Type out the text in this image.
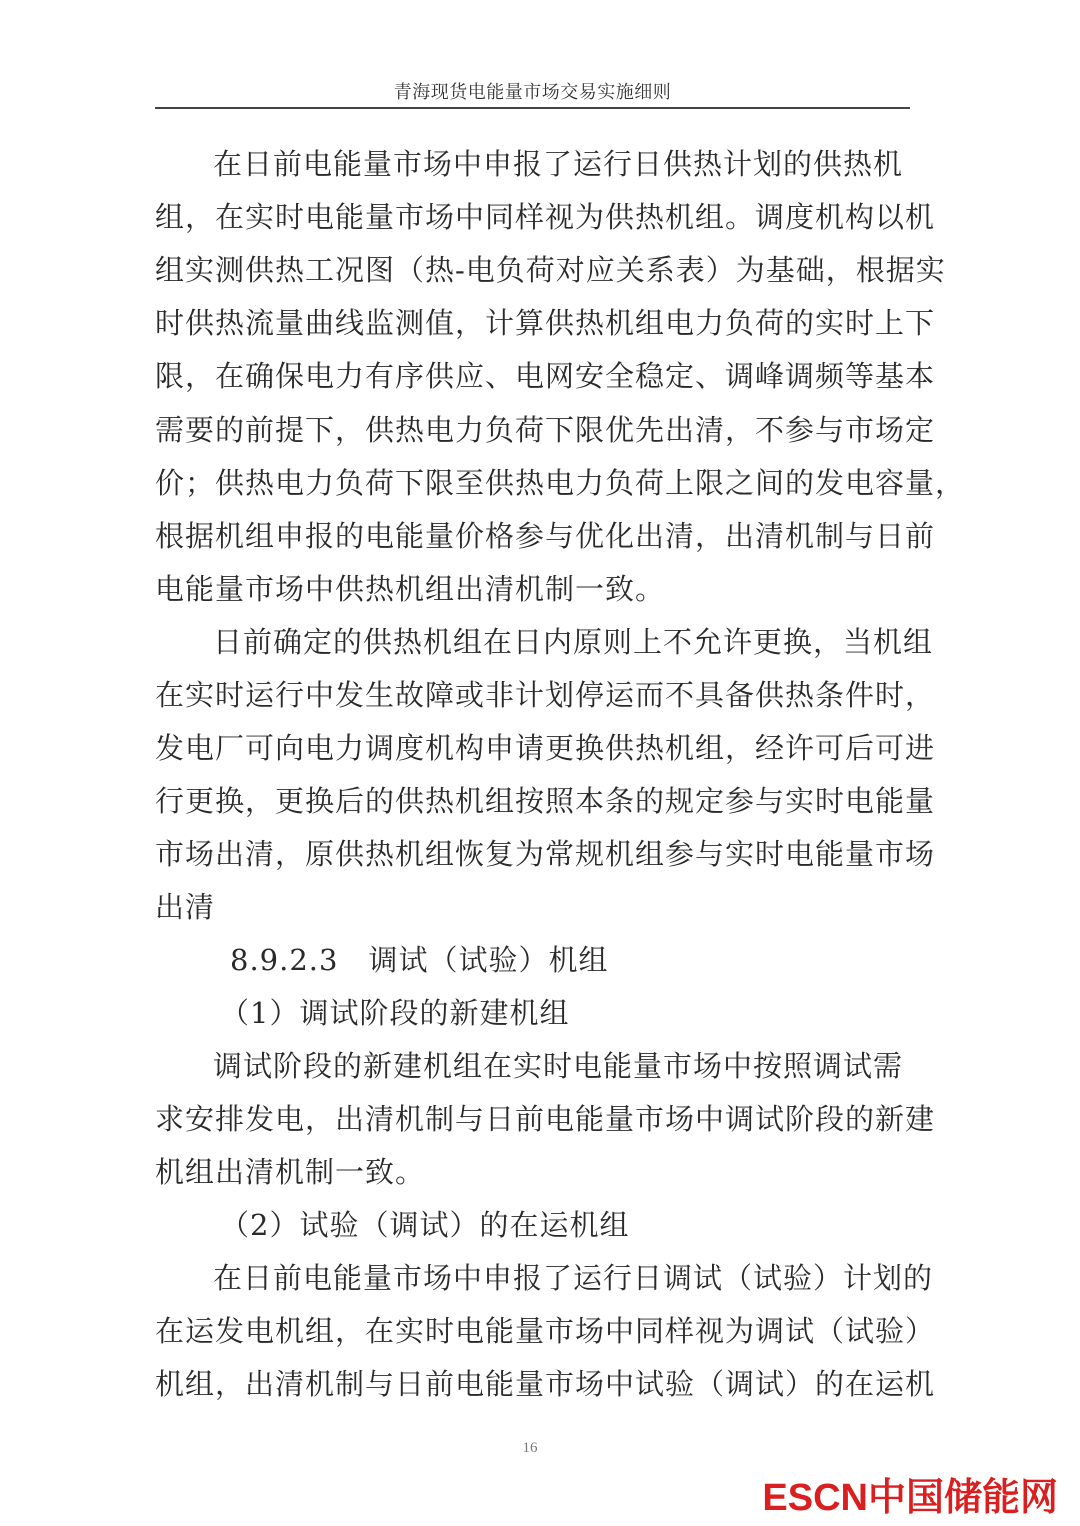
青海现货电能量市场交易实施细则
在日前电能量市场中申报了运行日供热计划的供热机
组，在实时电能量市场中同样视为供热机组。调度机构以机
组实测供热工况图（热-电负荷对应关系表）为基础，根据实
时供热流量曲线监测值，计算供热机组电力负荷的实时上下
限，在确保电力有序供应、电网安全稳定、调峰调频等基本
需要的前提下，供热电力负荷下限优先出清，不参与市场定
价；供热电力负荷下限至供热电力负荷上限之间的发电容量，
根据机组申报的电能量价格参与优化出清，出清机制与日前
电能量市场中供热机组出清机制一致。
日前确定的供热机组在日内原则上不允许更换，当机组
在实时运行中发生故障或非计划停运而不具备供热条件时，
发电厂可向电力调度机构申请更换供热机组，经许可后可进
行更换，更换后的供热机组按照本条的规定参与实时电能量
市场出清，原供热机组恢复为常规机组参与实时电能量市场
出清
8.9.2.3　调试（试验）机组
（1）调试阶段的新建机组
调试阶段的新建机组在实时电能量市场中按照调试需
求安排发电，出清机制与日前电能量市场中调试阶段的新建
机组出清机制一致。
（2）试验（调试）的在运机组
在日前电能量市场中申报了运行日调试（试验）计划的
在运发电机组，在实时电能量市场中同样视为调试（试验）
机组，出清机制与日前电能量市场中试验（调试）的在运机
16
ESCN中国储能网
